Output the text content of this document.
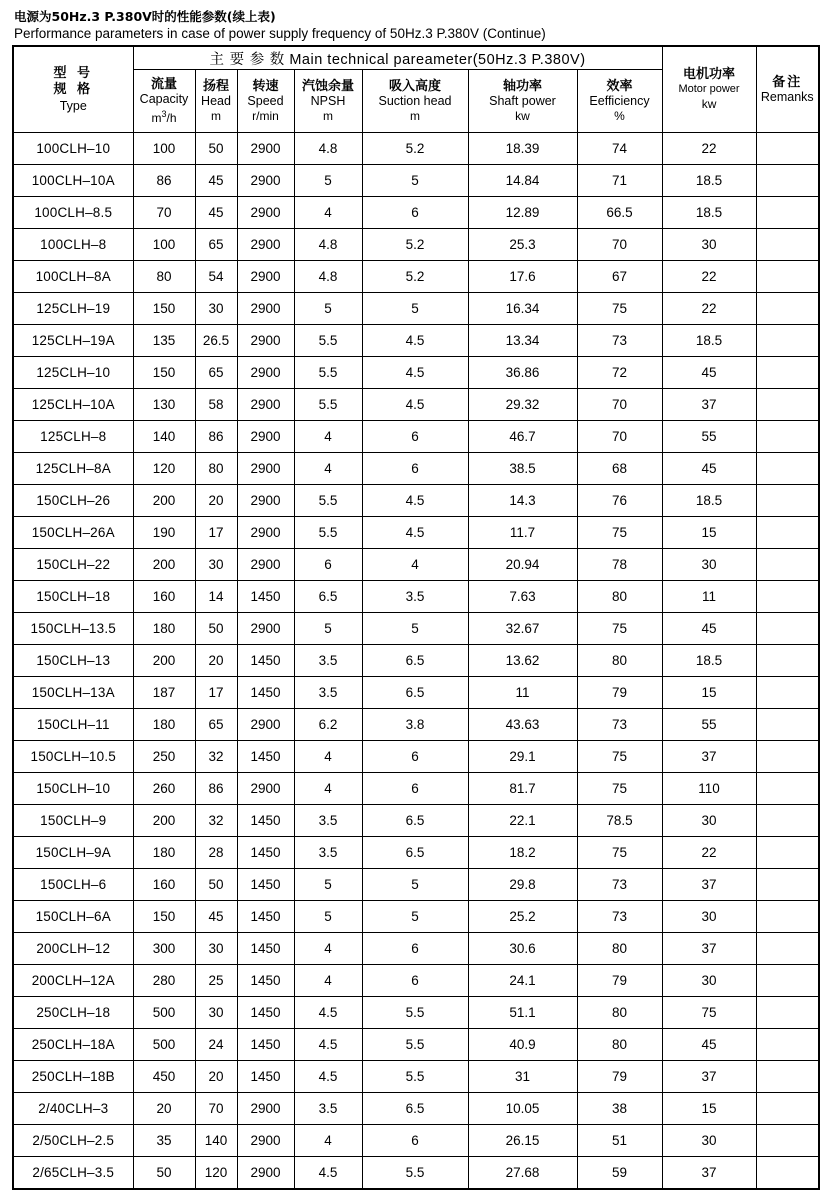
电源为50Hz.3 P.380V时的性能参数(续上表)
Performance parameters in case of power supply frequency of 50Hz.3 P.380V (Continue)
型 号
规 格
Type	主 要 参 数 Main technical pareameter(50Hz.3 P.380V)							电机功率
Motor power
kw	备注
Remanks

	流量
Capacity
$m^3/h$	扬程
Head
m	转速
Speed
r/min	汽蚀余量
NPSH
m	吸入高度
Suction head
m	轴功率
Shaft power
kw	效率
Eefficiency
%		

100CLH–10	100	50	2900	4.8	5.2	18.39	74	22	
100CLH–10A	86	45	2900	5	5	14.84	71	18.5	
100CLH–8.5	70	45	2900	4	6	12.89	66.5	18.5	
100CLH–8	100	65	2900	4.8	5.2	25.3	70	30	
100CLH–8A	80	54	2900	4.8	5.2	17.6	67	22	
125CLH–19	150	30	2900	5	5	16.34	75	22	
125CLH–19A	135	26.5	2900	5.5	4.5	13.34	73	18.5	
125CLH–10	150	65	2900	5.5	4.5	36.86	72	45	
125CLH–10A	130	58	2900	5.5	4.5	29.32	70	37	
125CLH–8	140	86	2900	4	6	46.7	70	55	
125CLH–8A	120	80	2900	4	6	38.5	68	45	
150CLH–26	200	20	2900	5.5	4.5	14.3	76	18.5	
150CLH–26A	190	17	2900	5.5	4.5	11.7	75	15	
150CLH–22	200	30	2900	6	4	20.94	78	30	
150CLH–18	160	14	1450	6.5	3.5	7.63	80	11	
150CLH–13.5	180	50	2900	5	5	32.67	75	45	
150CLH–13	200	20	1450	3.5	6.5	13.62	80	18.5	
150CLH–13A	187	17	1450	3.5	6.5	11	79	15	
150CLH–11	180	65	2900	6.2	3.8	43.63	73	55	
150CLH–10.5	250	32	1450	4	6	29.1	75	37	
150CLH–10	260	86	2900	4	6	81.7	75	110	
150CLH–9	200	32	1450	3.5	6.5	22.1	78.5	30	
150CLH–9A	180	28	1450	3.5	6.5	18.2	75	22	
150CLH–6	160	50	1450	5	5	29.8	73	37	
150CLH–6A	150	45	1450	5	5	25.2	73	30	
200CLH–12	300	30	1450	4	6	30.6	80	37	
200CLH–12A	280	25	1450	4	6	24.1	79	30	
250CLH–18	500	30	1450	4.5	5.5	51.1	80	75	
250CLH–18A	500	24	1450	4.5	5.5	40.9	80	45	
250CLH–18B	450	20	1450	4.5	5.5	31	79	37	
2/40CLH–3	20	70	2900	3.5	6.5	10.05	38	15	
2/50CLH–2.5	35	140	2900	4	6	26.15	51	30	
2/65CLH–3.5	50	120	2900	4.5	5.5	27.68	59	37	
